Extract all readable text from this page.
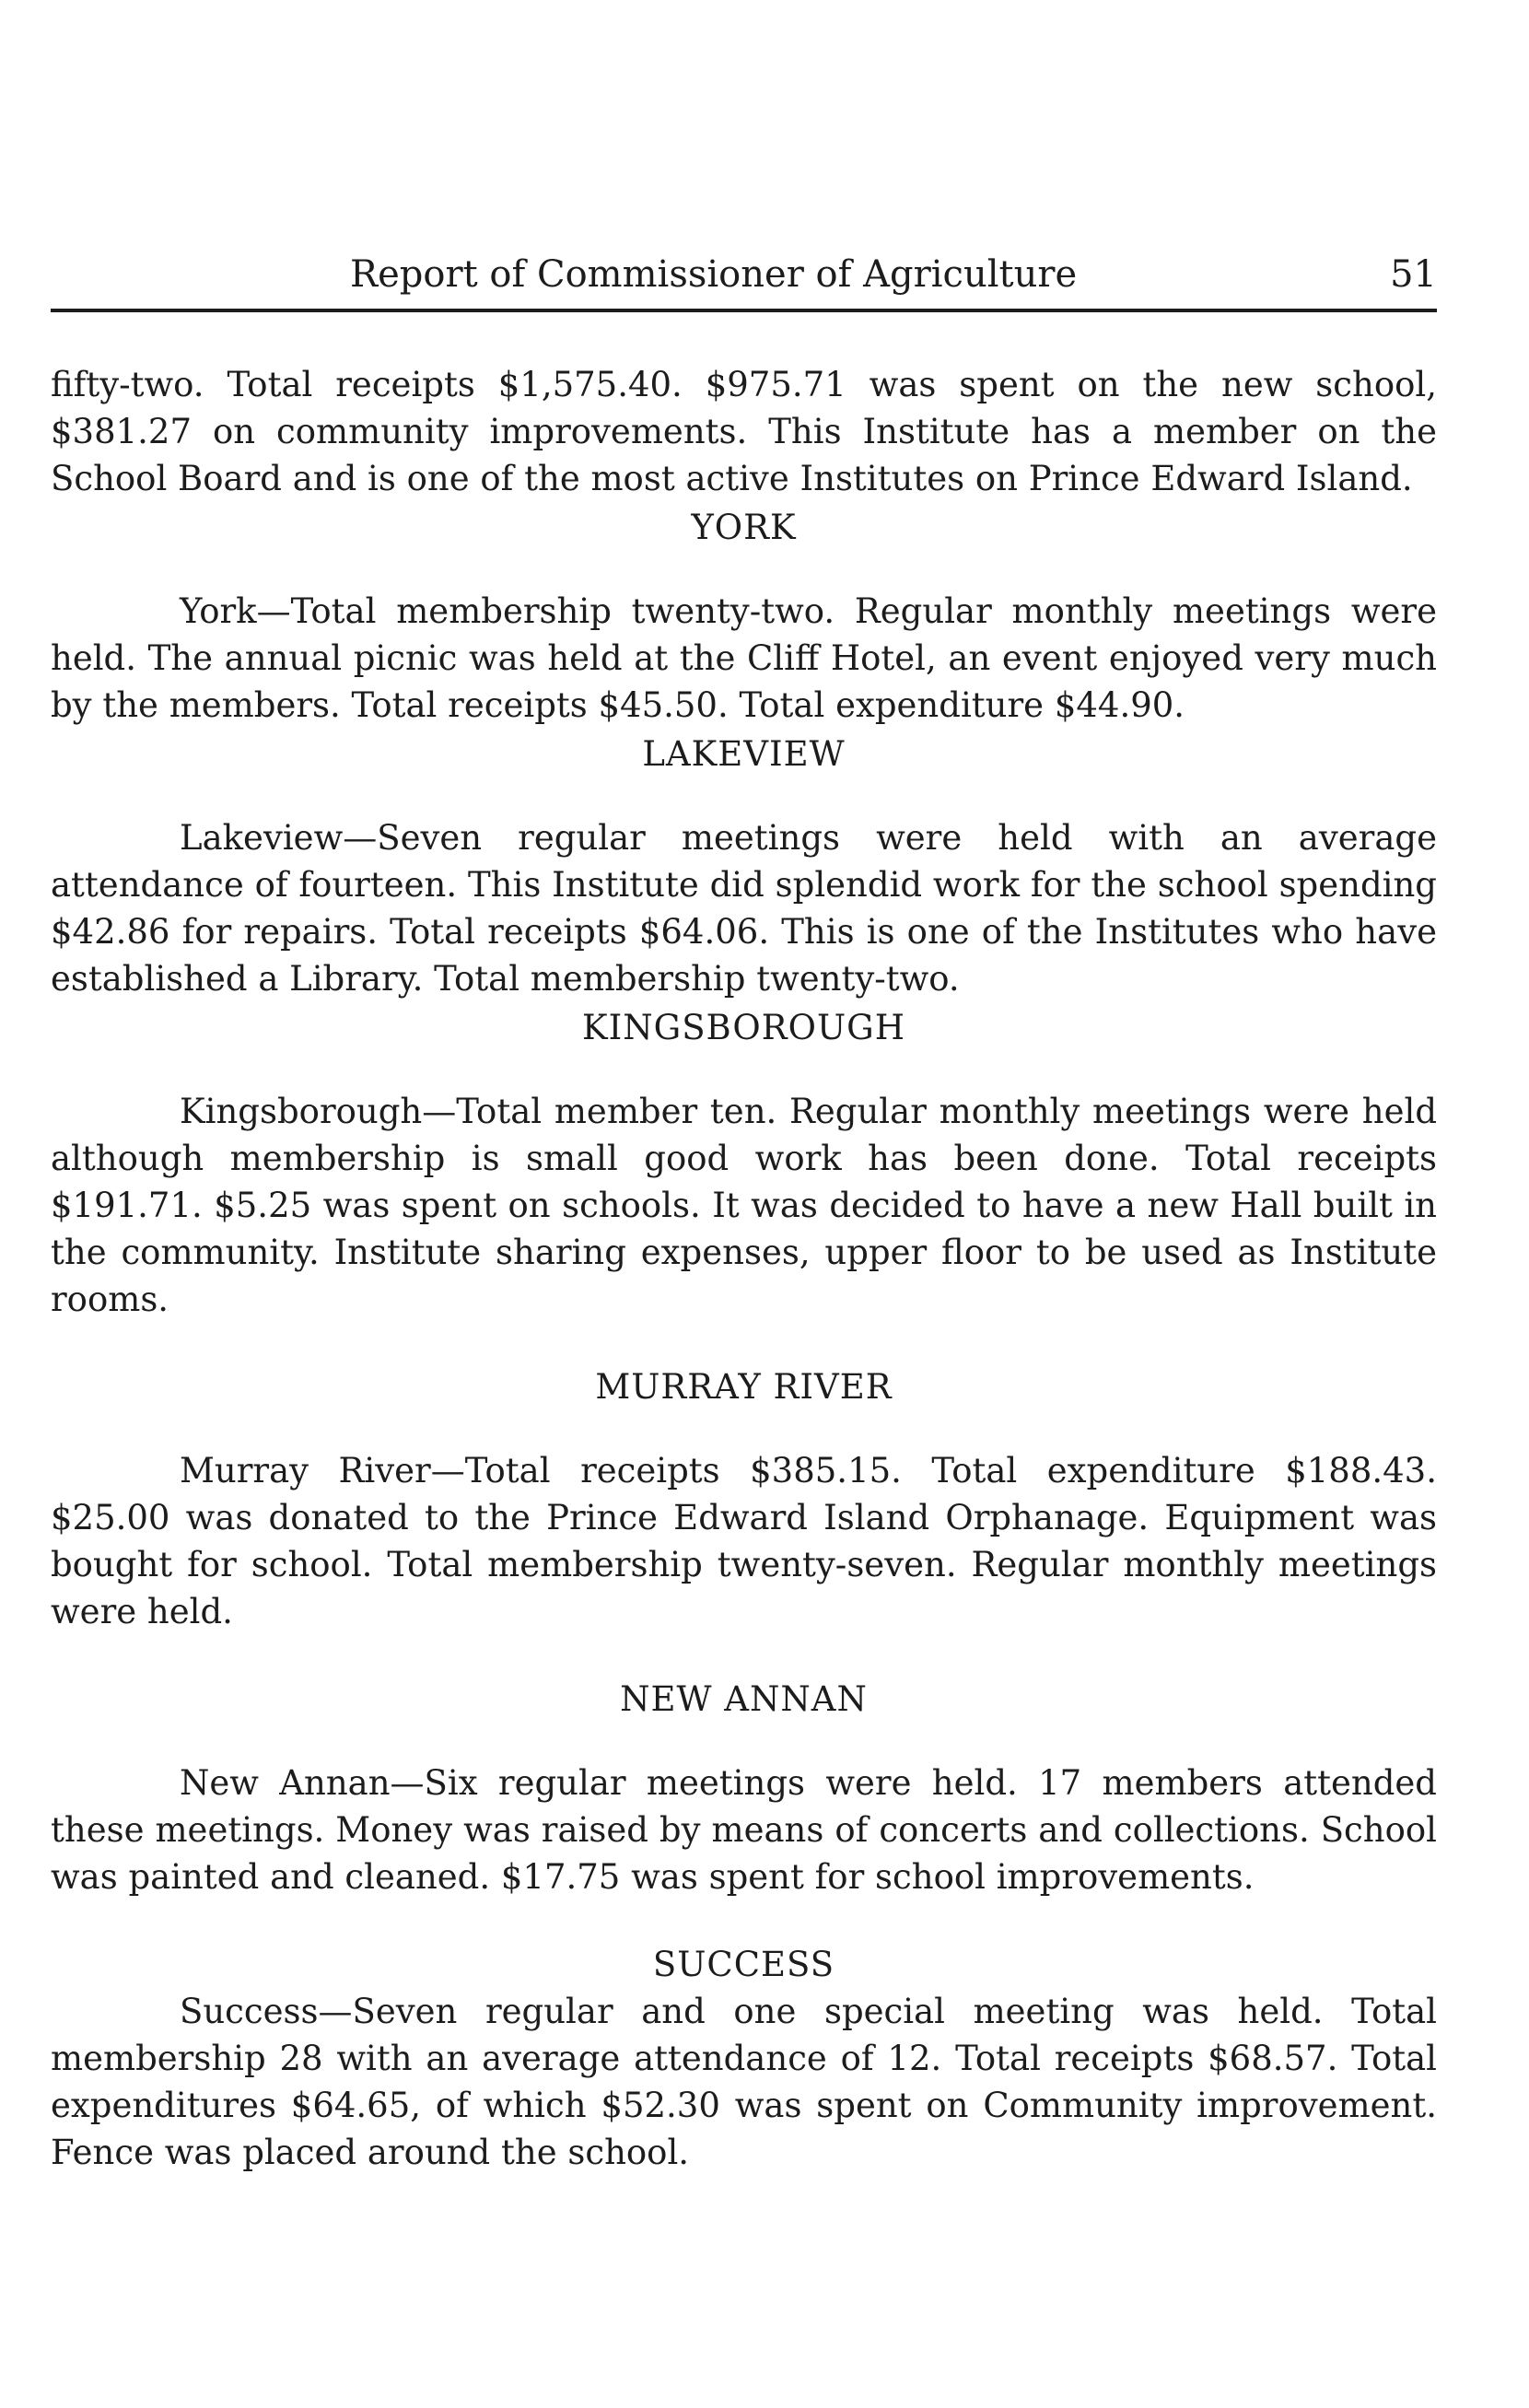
Report of Commissioner of Agriculture	51

fifty-two. Total receipts $1,575.40. $975.71 was spent on the new school, $381.27 on community improvements. This Institute has a member on the School Board and is one of the most active Institutes on Prince Edward Island.

YORK

York—Total membership twenty-two. Regular monthly meetings were held. The annual picnic was held at the Cliff Hotel, an event enjoyed very much by the members. Total receipts $45.50. Total expenditure $44.90.

LAKEVIEW

Lakeview—Seven regular meetings were held with an average attendance of fourteen. This Institute did splendid work for the school spending $42.86 for repairs. Total receipts $64.06. This is one of the Institutes who have established a Library. Total membership twenty-two.

KINGSBOROUGH

Kingsborough—Total member ten. Regular monthly meetings were held although membership is small good work has been done. Total receipts $191.71. $5.25 was spent on schools. It was decided to have a new Hall built in the community. Institute sharing expenses, upper floor to be used as Institute rooms.

MURRAY RIVER

Murray River—Total receipts $385.15. Total expenditure $188.43. $25.00 was donated to the Prince Edward Island Orphanage. Equipment was bought for school. Total membership twenty-seven. Regular monthly meetings were held.

NEW ANNAN

New Annan—Six regular meetings were held. 17 members attended these meetings. Money was raised by means of concerts and collections. School was painted and cleaned. $17.75 was spent for school improvements.

SUCCESS

Success—Seven regular and one special meeting was held. Total membership 28 with an average attendance of 12. Total receipts $68.57. Total expenditures $64.65, of which $52.30 was spent on Community improvement. Fence was placed around the school.
